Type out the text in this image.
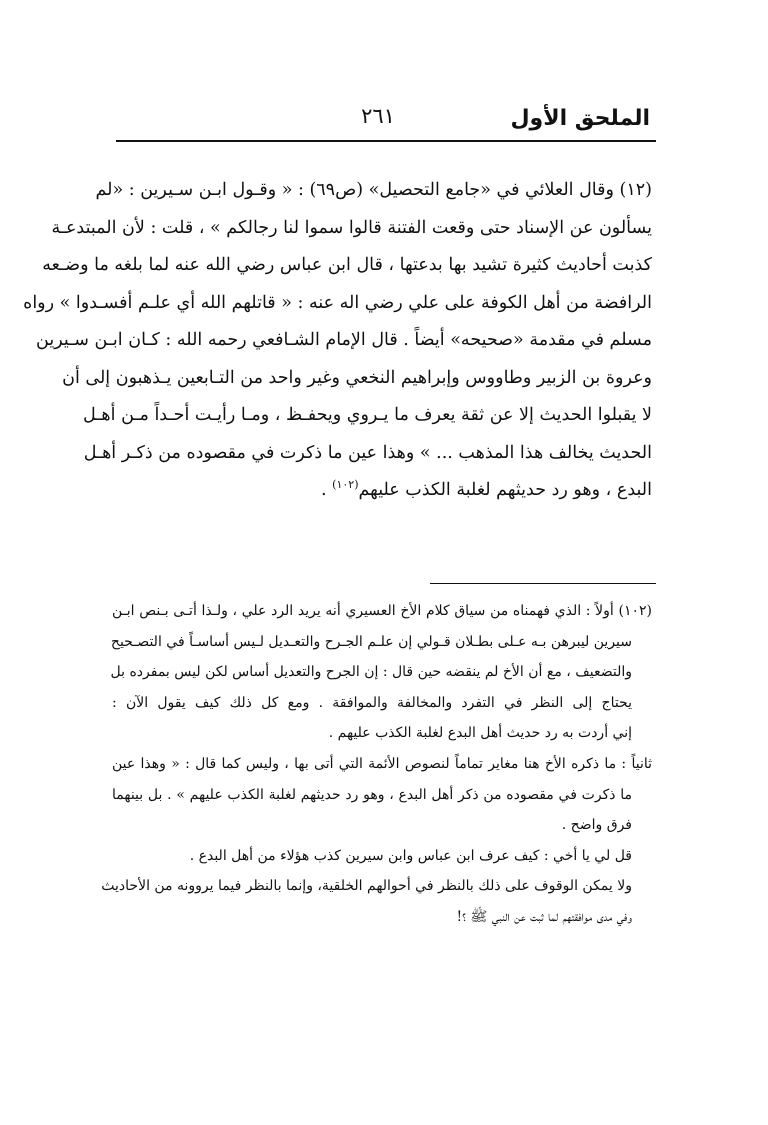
الملحق الأول
٢٦١
(١٢) وقال العلائي في «جامع التحصيل» (ص٦٩) : « وقـول ابـن سـيرين : «لم
يسألون عن الإسناد حتى وقعت الفتنة قالوا سموا لنا رجالكم » ، قلت : لأن المبتدعـة
كذبت أحاديث كثيرة تشيد بها بدعتها ، قال ابن عباس رضي الله عنه لما بلغه ما وضـعه
الرافضة من أهل الكوفة على علي رضي اله عنه : « قاتلهم الله أي علـم أفسـدوا » رواه
مسلم في مقدمة «صحيحه» أيضاً . قال الإمام الشـافعي رحمه الله : كـان ابـن سـيرين
وعروة بن الزبير وطاووس وإبراهيم النخعي وغير واحد من التـابعين يـذهبون إلى أن
لا يقبلوا الحديث إلا عن ثقة يعرف ما يـروي ويحفـظ ، ومـا رأيـت أحـداً مـن أهـل
الحديث يخالف هذا المذهب ... » وهذا عين ما ذكرت في مقصوده من ذكـر أهـل
البدع ، وهو رد حديثهم لغلبة الكذب عليهم$^{(١٠٢)}$ .
(١٠٢) أولاً : الذي فهمناه من سياق كلام الأخ العسيري أنه يريد الرد علي ، ولـذا أتـى بـنص ابـن
سيرين ليبرهن بـه عـلى بطـلان قـولي إن علـم الجـرح والتعـديل لـيس أساسـاً في التصـحيح
والتضعيف ، مع أن الأخ لم ينقضه حين قال : إن الجرح والتعديل أساس لكن ليس بمفرده بل
يحتاج إلى النظر في التفرد والمخالفة والموافقة . ومع كل ذلك كيف يقول الآن :
إني أردت به رد حديث أهل البدع لغلبة الكذب عليهم .
ثانياً : ما ذكره الأخ هنا مغاير تماماً لنصوص الأئمة التي أتى بها ، وليس كما قال : « وهذا عين
ما ذكرت في مقصوده من ذكر أهل البدع ، وهو رد حديثهم لغلبة الكذب عليهم » . بل بينهما
فرق واضح .
قل لي يا أخي : كيف عرف ابن عباس وابن سيرين كذب هؤلاء من أهل البدع .
ولا يمكن الوقوف على ذلك بالنظر في أحوالهم الخلقية، وإنما بالنظر فيما يروونه من الأحاديث
وفي مدى موافقتهم لما ثبت عن النبي ﷺ ؟!
